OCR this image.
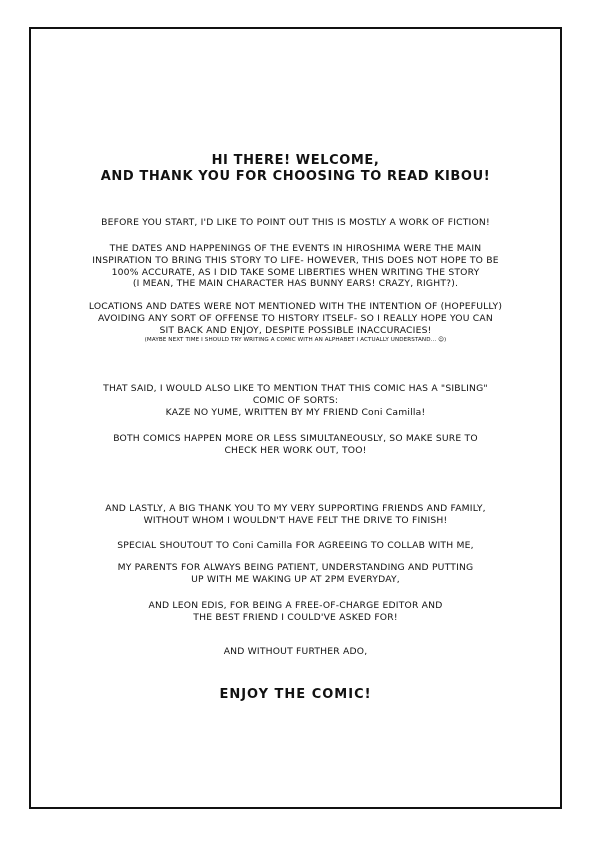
HI THERE! WELCOME,
AND THANK YOU FOR CHOOSING TO READ KIBOU!

BEFORE YOU START, I'D LIKE TO POINT OUT THIS IS MOSTLY A WORK OF FICTION!

THE DATES AND HAPPENINGS OF THE EVENTS IN HIROSHIMA WERE THE MAIN
INSPIRATION TO BRING THIS STORY TO LIFE- HOWEVER, THIS DOES NOT HOPE TO BE
100% ACCURATE, AS I DID TAKE SOME LIBERTIES WHEN WRITING THE STORY
(I MEAN, THE MAIN CHARACTER HAS BUNNY EARS! CRAZY, RIGHT?).

LOCATIONS AND DATES WERE NOT MENTIONED WITH THE INTENTION OF (HOPEFULLY)
AVOIDING ANY SORT OF OFFENSE TO HISTORY ITSELF- SO I REALLY HOPE YOU CAN
SIT BACK AND ENJOY, DESPITE POSSIBLE INACCURACIES!

(MAYBE NEXT TIME I SHOULD TRY WRITING A COMIC WITH AN ALPHABET I ACTUALLY UNDERSTAND... ☺)

THAT SAID, I WOULD ALSO LIKE TO MENTION THAT THIS COMIC HAS A "SIBLING"
COMIC OF SORTS:
KAZE NO YUME, WRITTEN BY MY FRIEND Coni Camilla!

BOTH COMICS HAPPEN MORE OR LESS SIMULTANEOUSLY, SO MAKE SURE TO
CHECK HER WORK OUT, TOO!

AND LASTLY, A BIG THANK YOU TO MY VERY SUPPORTING FRIENDS AND FAMILY,
WITHOUT WHOM I WOULDN'T HAVE FELT THE DRIVE TO FINISH!

SPECIAL SHOUTOUT TO Coni Camilla FOR AGREEING TO COLLAB WITH ME,

MY PARENTS FOR ALWAYS BEING PATIENT, UNDERSTANDING AND PUTTING
UP WITH ME WAKING UP AT 2PM EVERYDAY,

AND LEON EDIS, FOR BEING A FREE-OF-CHARGE EDITOR AND
THE BEST FRIEND I COULD'VE ASKED FOR!

AND WITHOUT FURTHER ADO,

ENJOY THE COMIC!
